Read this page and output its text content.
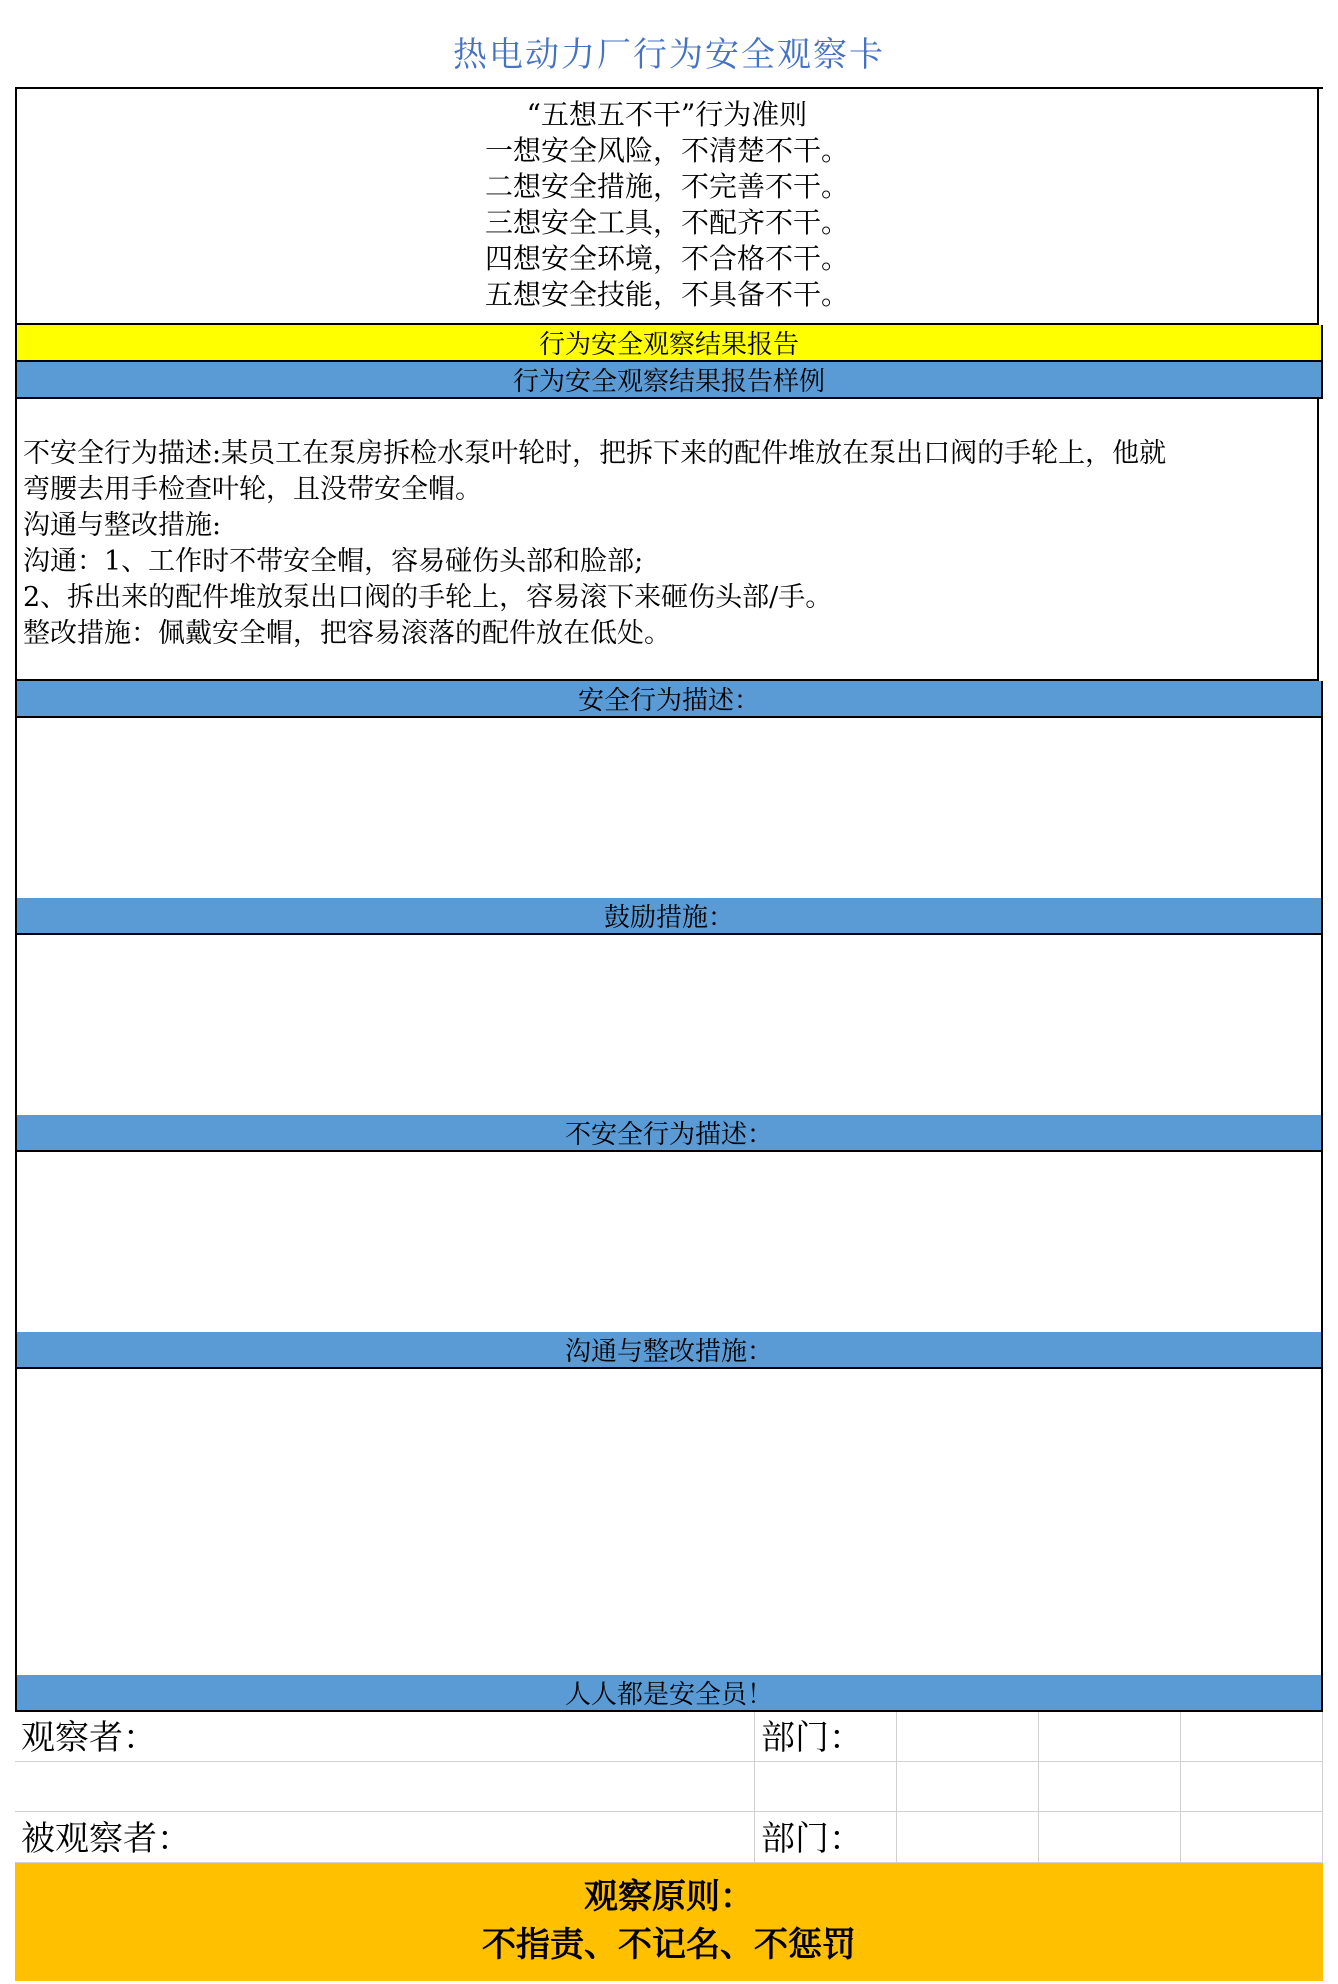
热电动力厂行为安全观察卡
“五想五不干”行为准则
一想安全风险，不清楚不干。
二想安全措施，不完善不干。
三想安全工具，不配齐不干。
四想安全环境，不合格不干。
五想安全技能，不具备不干。
行为安全观察结果报告
行为安全观察结果报告样例
不安全行为描述:某员工在泵房拆检水泵叶轮时，把拆下来的配件堆放在泵出口阀的手轮上，他就
弯腰去用手检查叶轮，且没带安全帽。
沟通与整改措施:
沟通：1、工作时不带安全帽，容易碰伤头部和脸部;
2、拆出来的配件堆放泵出口阀的手轮上，容易滚下来砸伤头部/手。
整改措施：佩戴安全帽，把容易滚落的配件放在低处。
安全行为描述：
鼓励措施：
不安全行为描述：
沟通与整改措施：
人人都是安全员！
观察者：	部门：
被观察者：	部门：
观察原则：
不指责、不记名、不惩罚
